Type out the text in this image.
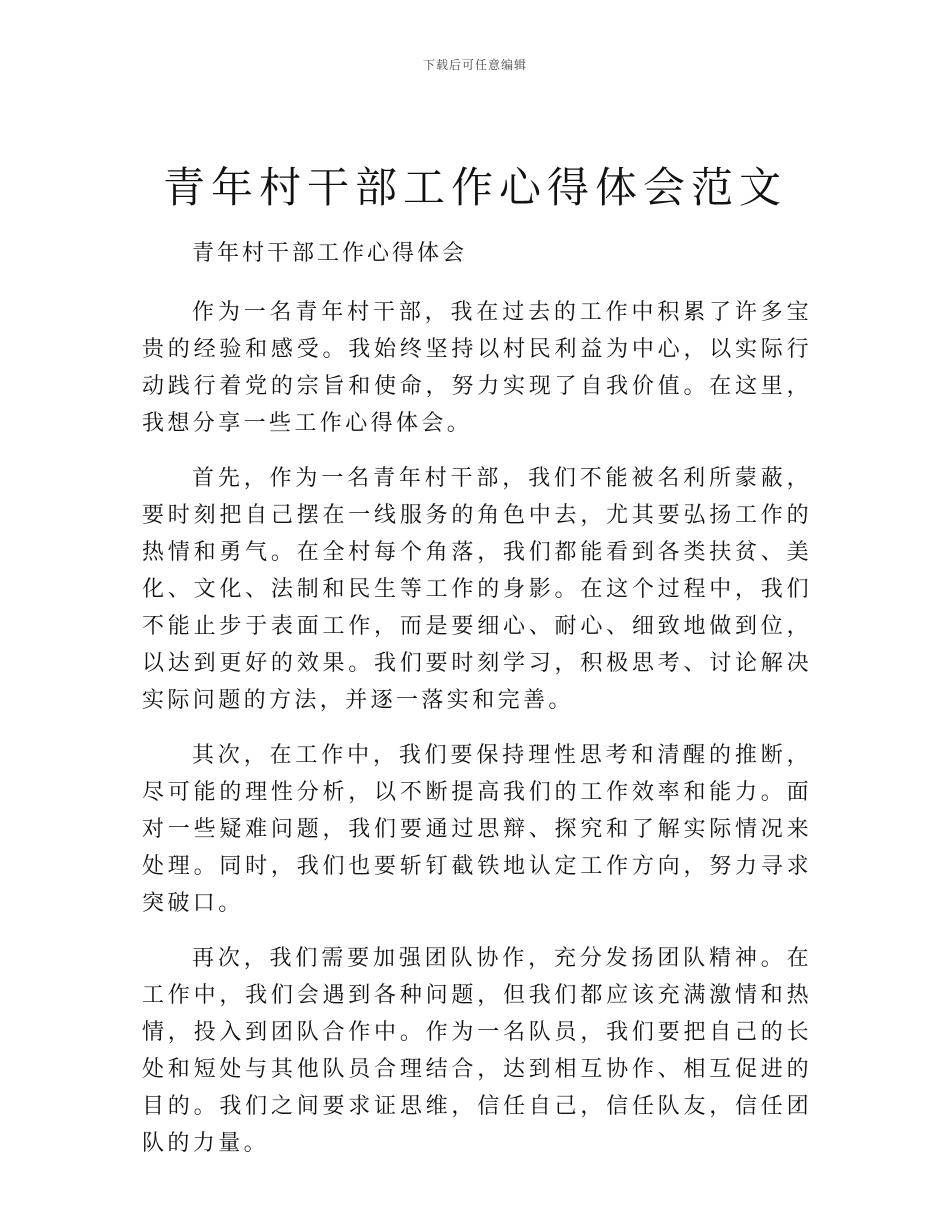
下载后可任意编辑
青年村干部工作心得体会范文

青年村干部工作心得体会

作为一名青年村干部，我在过去的工作中积累了许多宝贵的经验和感受。我始终坚持以村民利益为中心，以实际行动践行着党的宗旨和使命，努力实现了自我价值。在这里，我想分享一些工作心得体会。

首先，作为一名青年村干部，我们不能被名利所蒙蔽，要时刻把自己摆在一线服务的角色中去，尤其要弘扬工作的热情和勇气。在全村每个角落，我们都能看到各类扶贫、美化、文化、法制和民生等工作的身影。在这个过程中，我们不能止步于表面工作，而是要细心、耐心、细致地做到位，以达到更好的效果。我们要时刻学习，积极思考、讨论解决实际问题的方法，并逐一落实和完善。

其次，在工作中，我们要保持理性思考和清醒的推断，尽可能的理性分析，以不断提高我们的工作效率和能力。面对一些疑难问题，我们要通过思辩、探究和了解实际情况来处理。同时，我们也要斩钉截铁地认定工作方向，努力寻求突破口。

再次，我们需要加强团队协作，充分发扬团队精神。在工作中，我们会遇到各种问题，但我们都应该充满激情和热情，投入到团队合作中。作为一名队员，我们要把自己的长处和短处与其他队员合理结合，达到相互协作、相互促进的目的。我们之间要求证思维，信任自己，信任队友，信任团队的力量。
